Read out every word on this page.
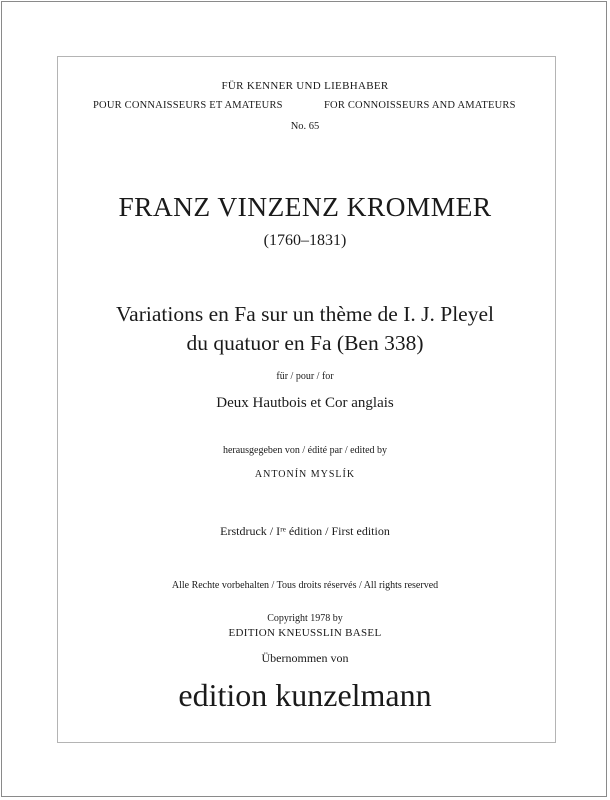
FÜR KENNER UND LIEBHABER

POUR CONNAISSEURS ET AMATEURS	FOR CONNOISSEURS AND AMATEURS

No. 65

FRANZ VINZENZ KROMMER

(1760–1831)

Variations en Fa sur un thème de I. J. Pleyel

du quatuor en Fa (Ben 338)

für / pour / for

Deux Hautbois et Cor anglais

herausgegeben von / édité par / edited by

ANTONÍN MYSLÍK

Erstdruck / Iʳᵉ édition / First edition

Alle Rechte vorbehalten / Tous droits réservés / All rights reserved

Copyright 1978 by

EDITION KNEUSSLIN BASEL

Übernommen von

edition kunzelmann
